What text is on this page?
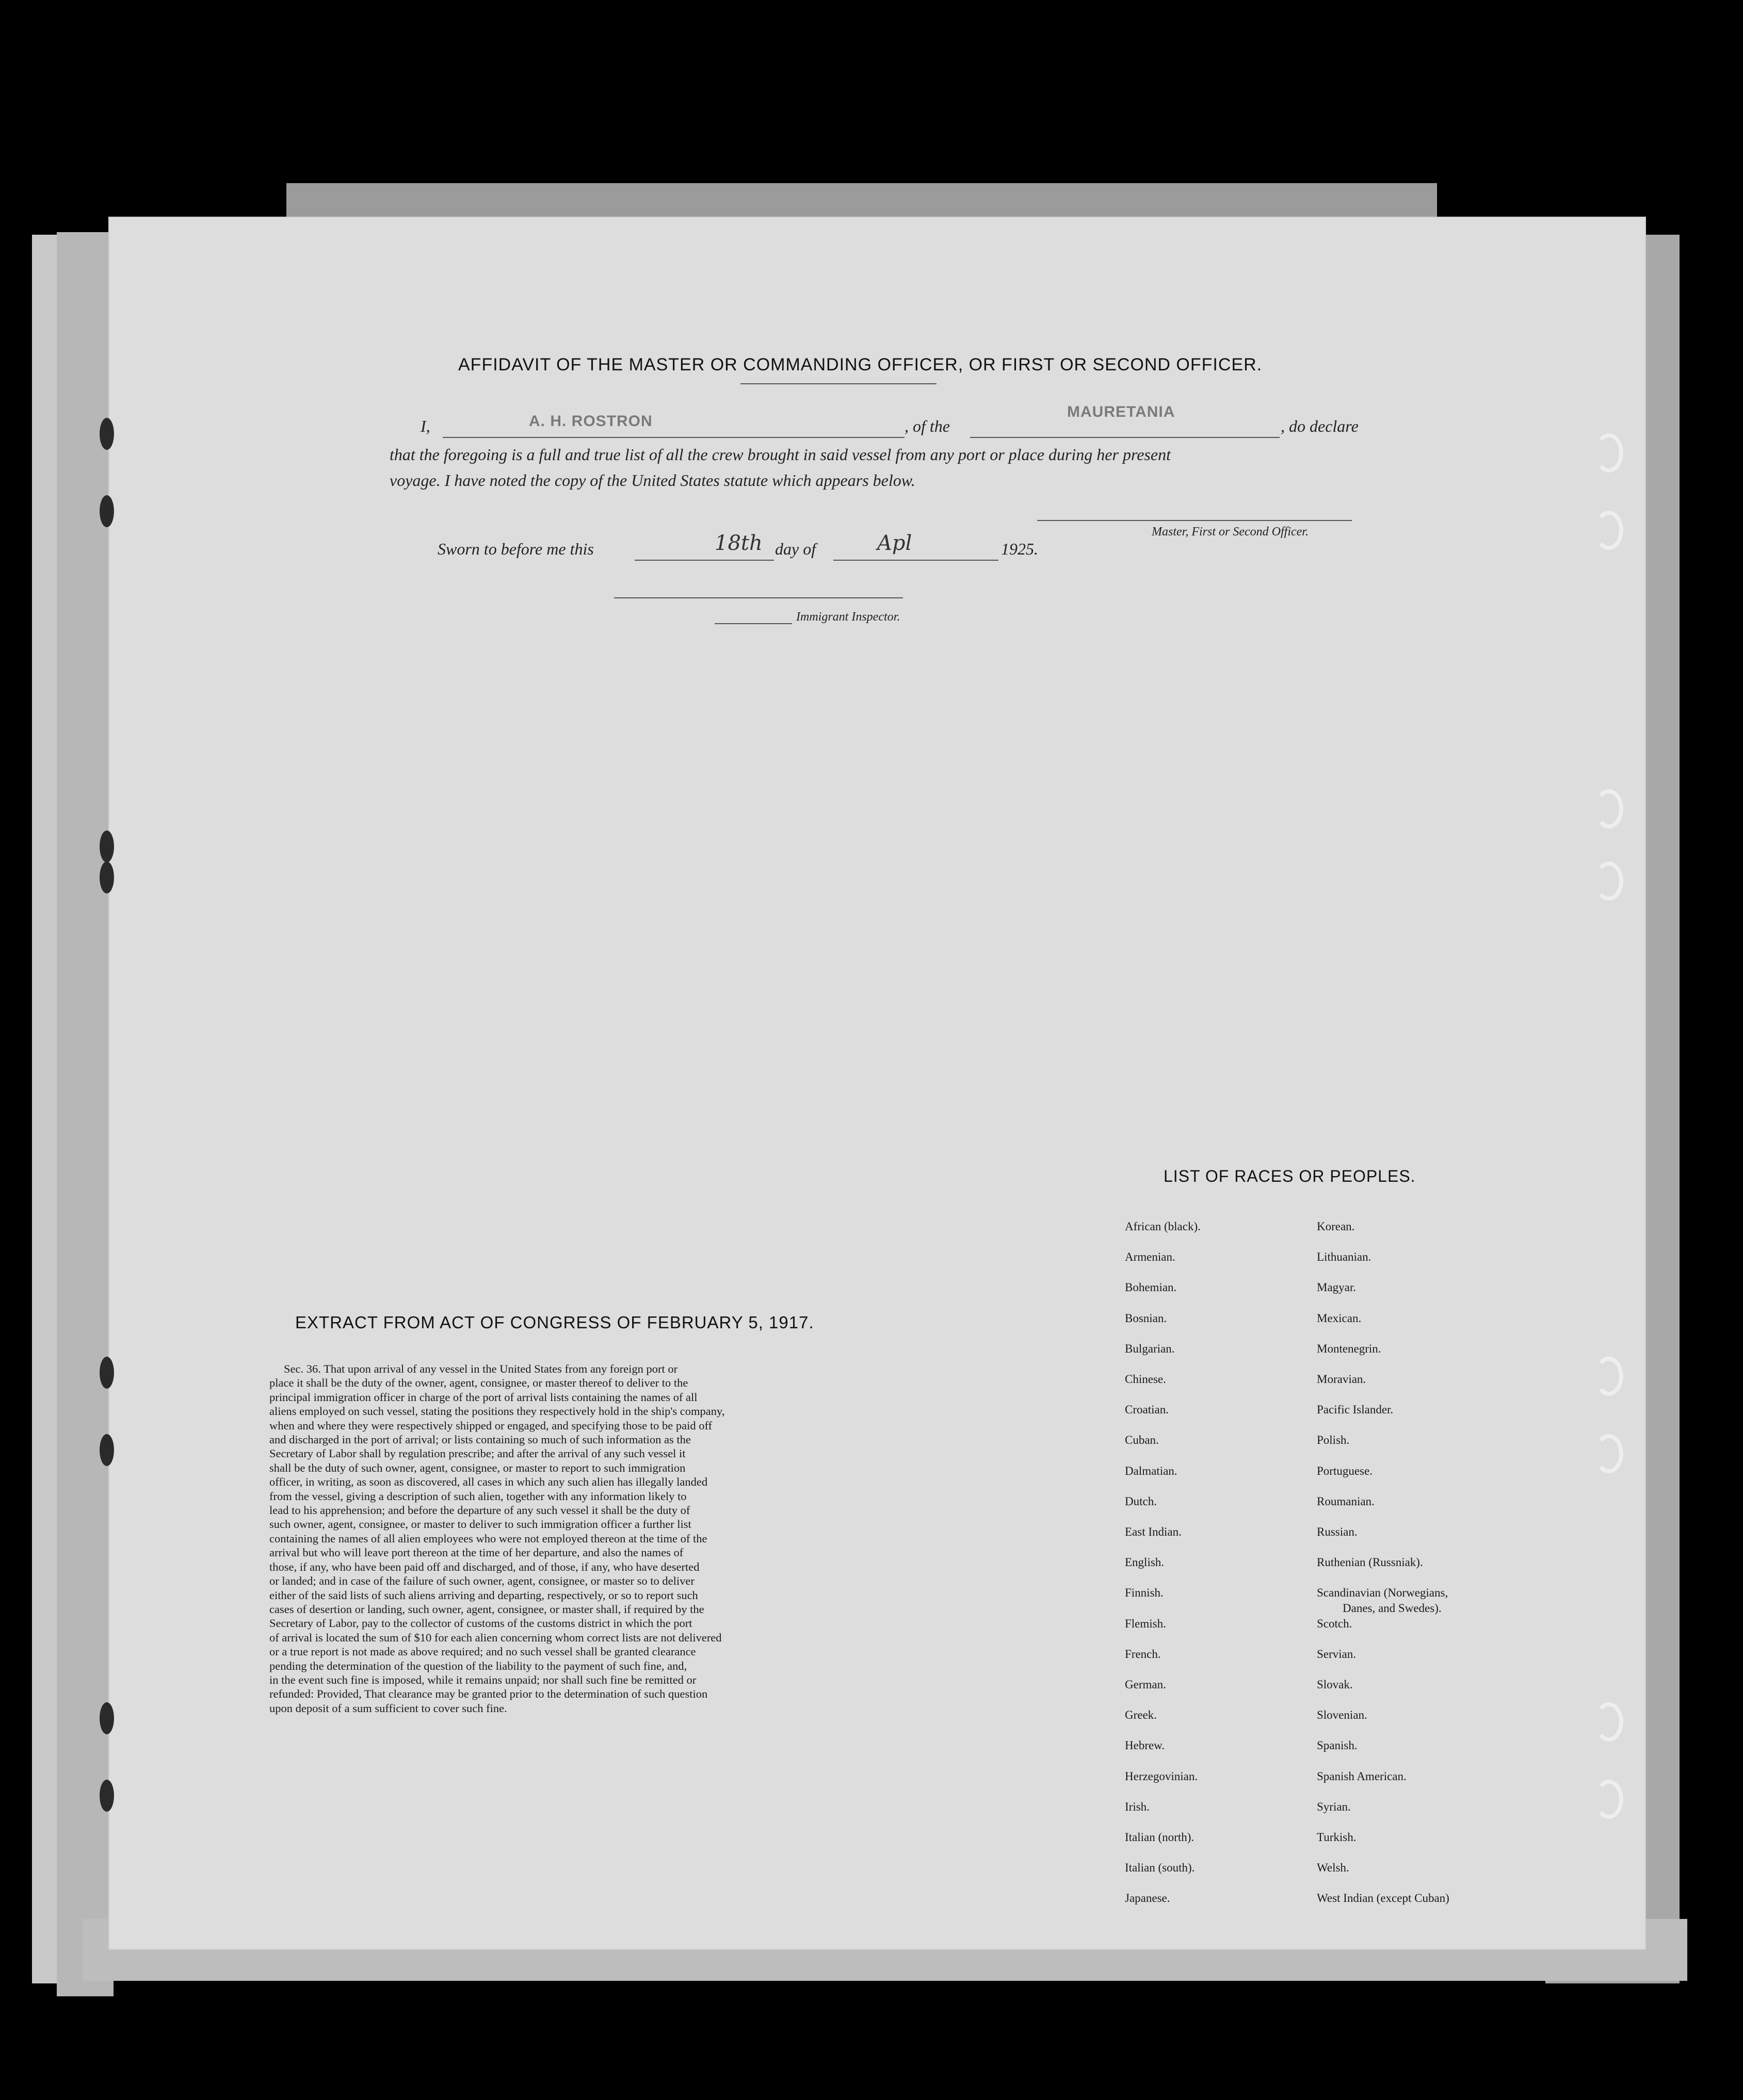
AFFIDAVIT OF THE MASTER OR COMMANDING OFFICER, OR FIRST OR SECOND OFFICER.
I,	A. H. ROSTRON	, of the
MAURETANIA
, do declare
that the foregoing is a full and true list of all the crew brought in said vessel from any port or place during her present
voyage. I have noted the copy of the United States statute which appears below.
Master, First or Second Officer.
Sworn to before me this	18th day of	Apl	1925.
Immigrant Inspector.
EXTRACT FROM ACT OF CONGRESS OF FEBRUARY 5, 1917.
Sec. 36. That upon arrival of any vessel in the United States from any foreign port or
place it shall be the duty of the owner, agent, consignee, or master thereof to deliver to the
principal immigration officer in charge of the port of arrival lists containing the names of all
aliens employed on such vessel, stating the positions they respectively hold in the ship's company,
when and where they were respectively shipped or engaged, and specifying those to be paid off
and discharged in the port of arrival; or lists containing so much of such information as the
Secretary of Labor shall by regulation prescribe; and after the arrival of any such vessel it
shall be the duty of such owner, agent, consignee, or master to report to such immigration
officer, in writing, as soon as discovered, all cases in which any such alien has illegally landed
from the vessel, giving a description of such alien, together with any information likely to
lead to his apprehension; and before the departure of any such vessel it shall be the duty of
such owner, agent, consignee, or master to deliver to such immigration officer a further list
containing the names of all alien employees who were not employed thereon at the time of the
arrival but who will leave port thereon at the time of her departure, and also the names of
those, if any, who have been paid off and discharged, and of those, if any, who have deserted
or landed; and in case of the failure of such owner, agent, consignee, or master so to deliver
either of the said lists of such aliens arriving and departing, respectively, or so to report such
cases of desertion or landing, such owner, agent, consignee, or master shall, if required by the
Secretary of Labor, pay to the collector of customs of the customs district in which the port
of arrival is located the sum of $10 for each alien concerning whom correct lists are not delivered
or a true report is not made as above required; and no such vessel shall be granted clearance
pending the determination of the question of the liability to the payment of such fine, and,
in the event such fine is imposed, while it remains unpaid; nor shall such fine be remitted or
refunded: Provided, That clearance may be granted prior to the determination of such question
upon deposit of a sum sufficient to cover such fine.
LIST OF RACES OR PEOPLES.
African (black).
Armenian.
Bohemian.
Bosnian.
Bulgarian.
Chinese.
Croatian.
Cuban.
Dalmatian.
Dutch.
East Indian.
English.
Finnish.
Flemish.
French.
German.
Greek.
Hebrew.
Herzegovinian.
Irish.
Italian (north).
Italian (south).
Japanese.
Korean.
Lithuanian.
Magyar.
Mexican.
Montenegrin.
Moravian.
Pacific Islander.
Polish.
Portuguese.
Roumanian.
Russian.
Ruthenian (Russniak).
Scandinavian (Norwegians,
Scotch.
Servian.
Slovak.
Slovenian.
Spanish.
Spanish American.
Syrian.
Turkish.
Welsh.
West Indian (except Cuban)
Danes, and Swedes).
